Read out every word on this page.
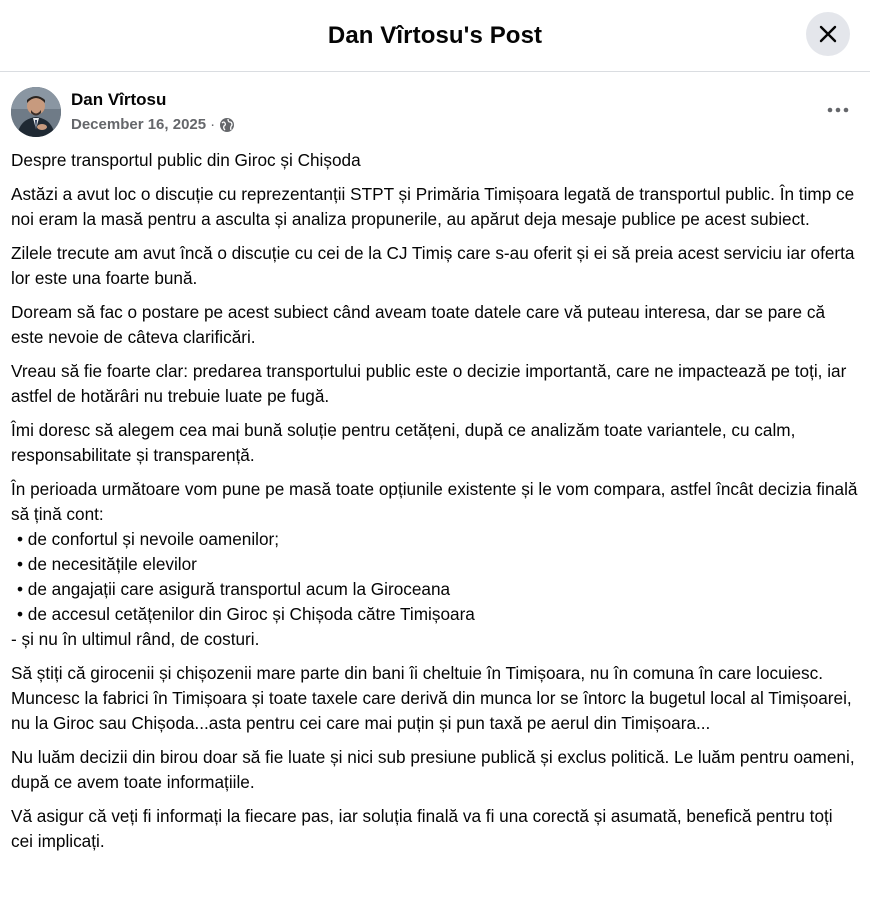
Dan Vîrtosu's Post
Dan Vîrtosu
December 16, 2025 ·

Despre transportul public din Giroc și Chișoda

Astăzi a avut loc o discuție cu reprezentanții STPT și Primăria Timișoara legată de transportul public. În timp ce noi eram la masă pentru a asculta și analiza propunerile, au apărut deja mesaje publice pe acest subiect.

Zilele trecute am avut încă o discuție cu cei de la CJ Timiș care s-au oferit și ei să preia acest serviciu iar oferta lor este una foarte bună.

Doream să fac o postare pe acest subiect când aveam toate datele care vă puteau interesa, dar se pare că este nevoie de câteva clarificări.

Vreau să fie foarte clar: predarea transportului public este o decizie importantă, care ne impactează pe toți, iar astfel de hotărâri nu trebuie luate pe fugă.

Îmi doresc să alegem cea mai bună soluție pentru cetățeni, după ce analizăm toate variantele, cu calm, responsabilitate și transparență.

În perioada următoare vom pune pe masă toate opțiunile existente și le vom compara, astfel încât decizia finală să țină cont:
• de confortul și nevoile oamenilor;
• de necesitățile elevilor
• de angajații care asigură transportul acum la Giroceana
• de accesul cetățenilor din Giroc și Chișoda către Timișoara
- și nu în ultimul rând, de costuri.

Să știți că girocenii și chișozenii mare parte din bani îi cheltuie în Timișoara, nu în comuna în care locuiesc. Muncesc la fabrici în Timișoara și toate taxele care derivă din munca lor se întorc la bugetul local al Timișoarei, nu la Giroc sau Chișoda...asta pentru cei care mai puțin și pun taxă pe aerul din Timișoara...

Nu luăm decizii din birou doar să fie luate și nici sub presiune publică și exclus politică. Le luăm pentru oameni, după ce avem toate informațiile.

Vă asigur că veți fi informați la fiecare pas, iar soluția finală va fi una corectă și asumată, benefică pentru toți cei implicați.
